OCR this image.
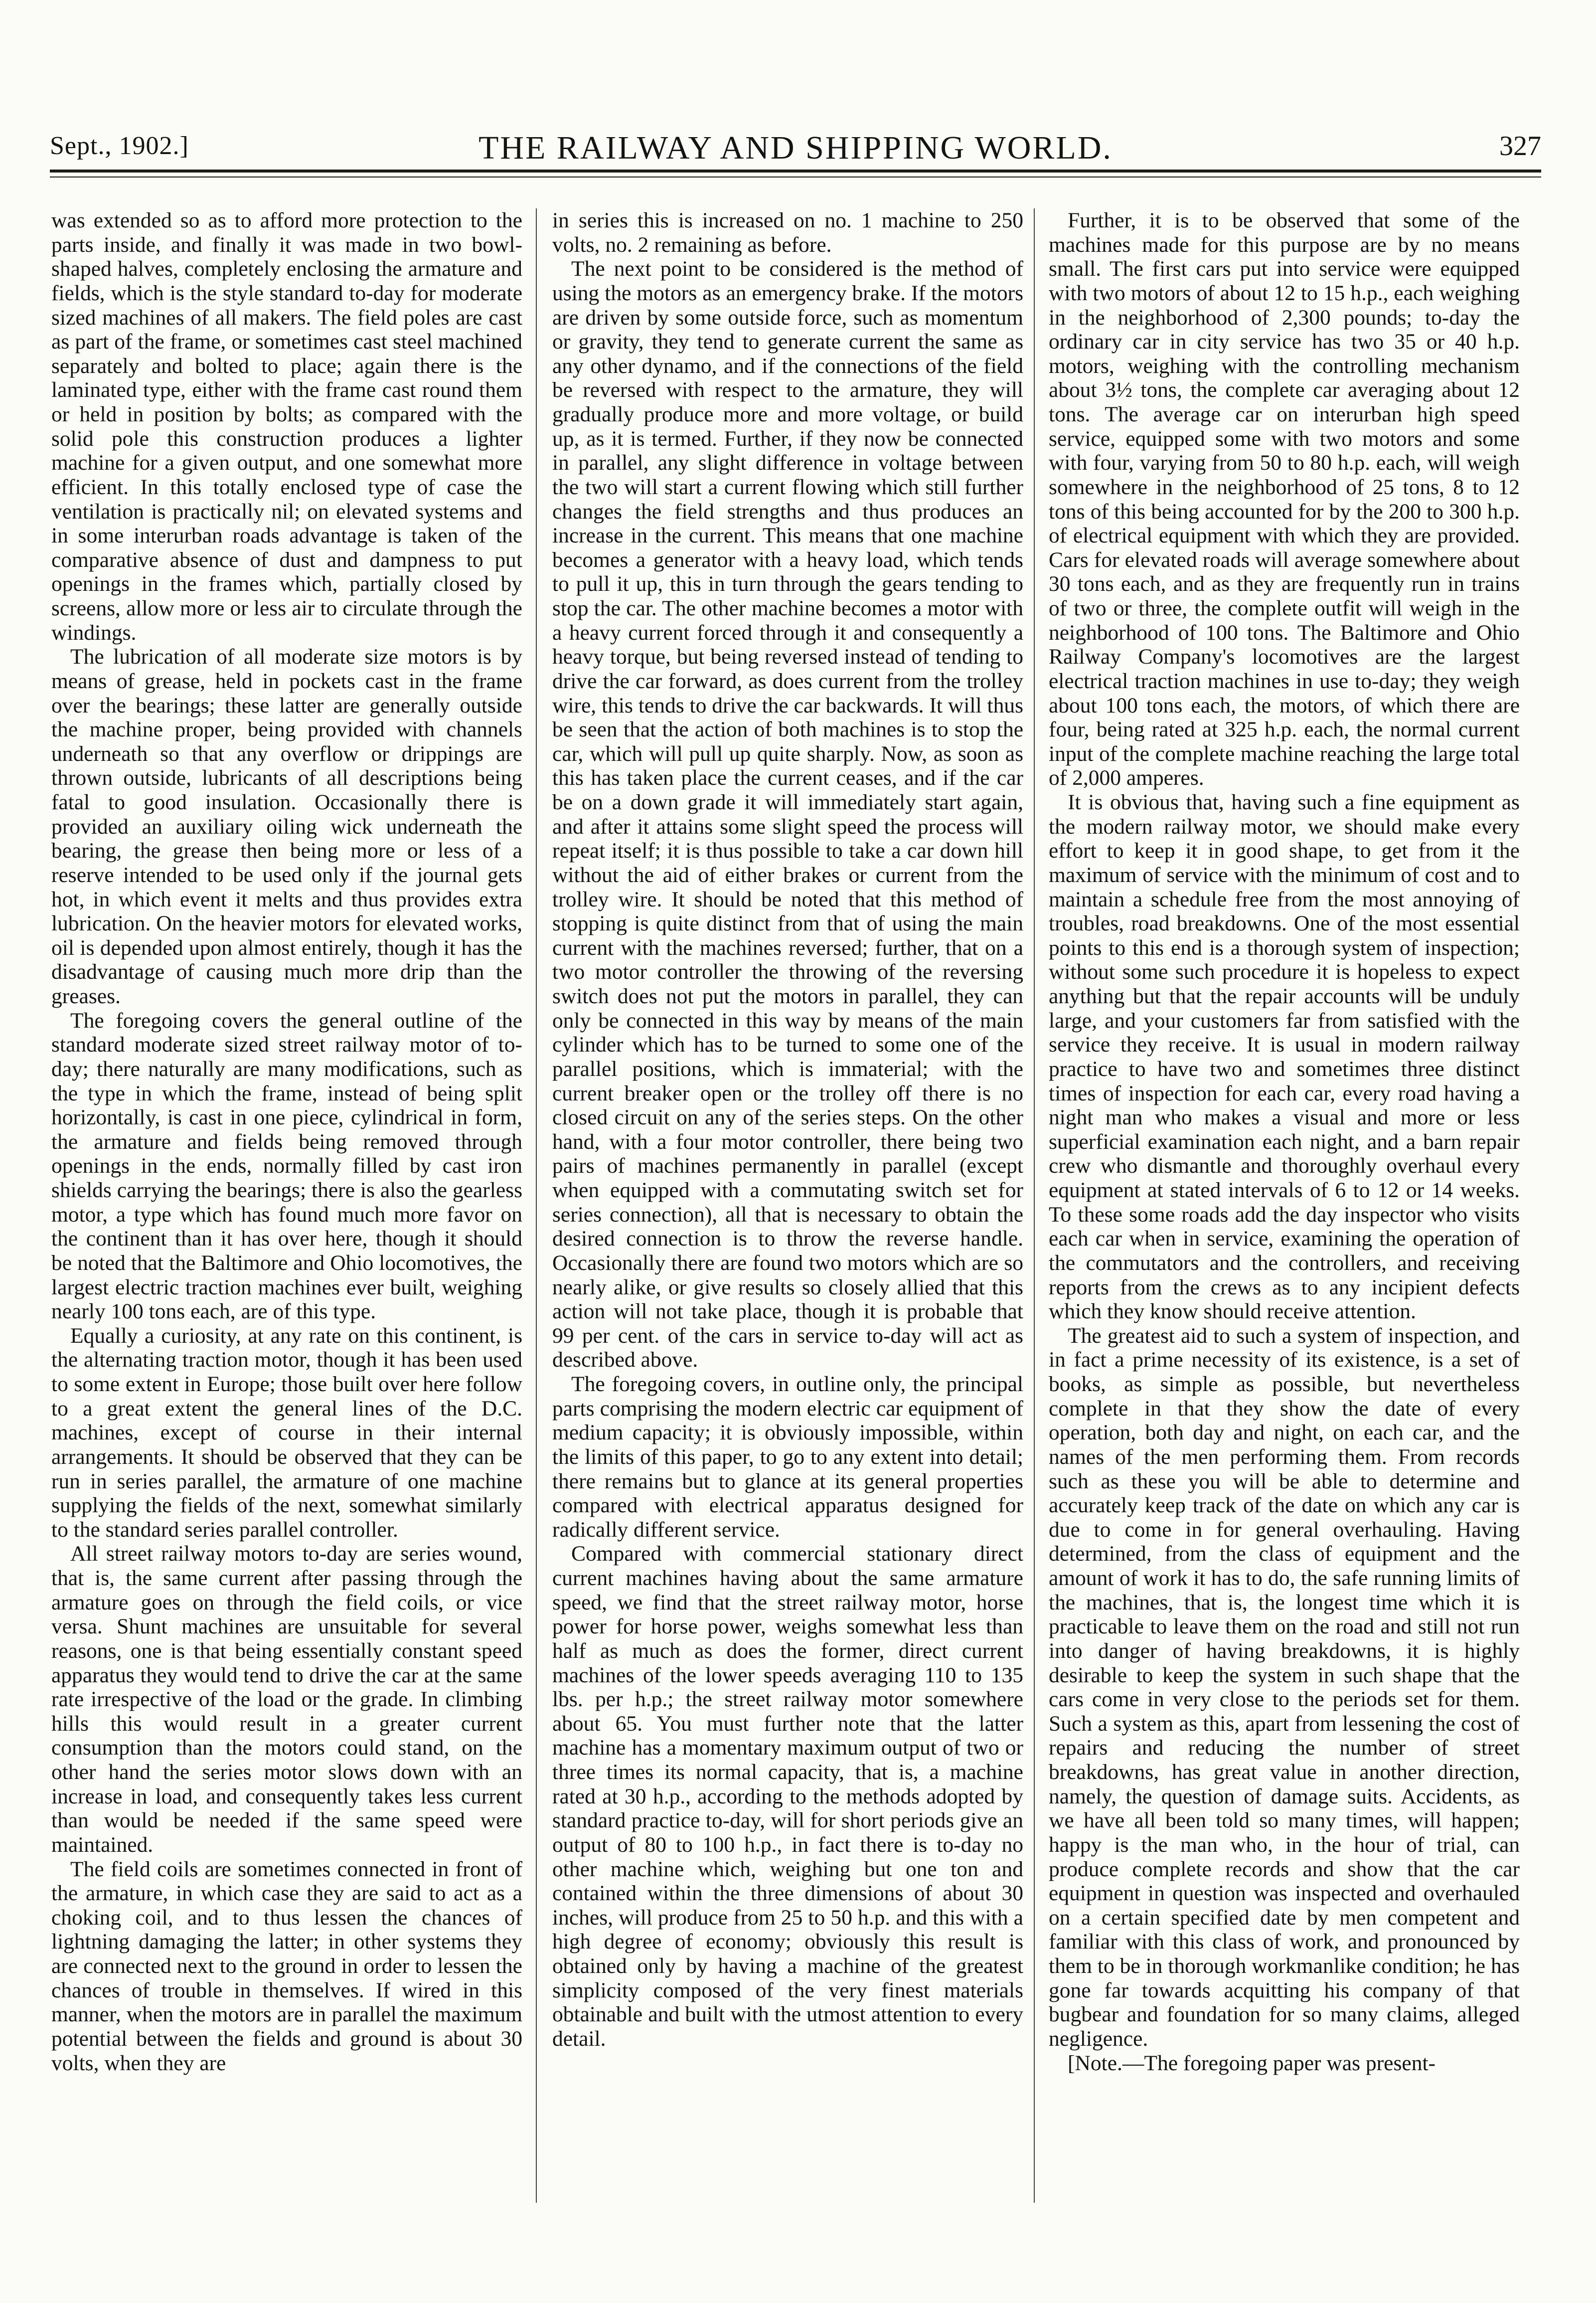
Sept., 1902.]	THE RAILWAY AND SHIPPING WORLD.	327

was extended so as to afford more protection to the parts inside, and finally it was made in two bowl-shaped halves, completely enclosing the armature and fields, which is the style standard to-day for moderate sized machines of all makers. The field poles are cast as part of the frame, or sometimes cast steel machined separately and bolted to place; again there is the laminated type, either with the frame cast round them or held in position by bolts; as compared with the solid pole this construction produces a lighter machine for a given output, and one somewhat more efficient. In this totally enclosed type of case the ventilation is practically nil; on elevated systems and in some interurban roads advantage is taken of the comparative absence of dust and dampness to put openings in the frames which, partially closed by screens, allow more or less air to circulate through the windings.

The lubrication of all moderate size motors is by means of grease, held in pockets cast in the frame over the bearings; these latter are generally outside the machine proper, being provided with channels underneath so that any overflow or drippings are thrown outside, lubricants of all descriptions being fatal to good insulation. Occasionally there is provided an auxiliary oiling wick underneath the bearing, the grease then being more or less of a reserve intended to be used only if the journal gets hot, in which event it melts and thus provides extra lubrication. On the heavier motors for elevated works, oil is depended upon almost entirely, though it has the disadvantage of causing much more drip than the greases.

The foregoing covers the general outline of the standard moderate sized street railway motor of to-day; there naturally are many modifications, such as the type in which the frame, instead of being split horizontally, is cast in one piece, cylindrical in form, the armature and fields being removed through openings in the ends, normally filled by cast iron shields carrying the bearings; there is also the gearless motor, a type which has found much more favor on the continent than it has over here, though it should be noted that the Baltimore and Ohio locomotives, the largest electric traction machines ever built, weighing nearly 100 tons each, are of this type.

Equally a curiosity, at any rate on this continent, is the alternating traction motor, though it has been used to some extent in Europe; those built over here follow to a great extent the general lines of the D.C. machines, except of course in their internal arrangements. It should be observed that they can be run in series parallel, the armature of one machine supplying the fields of the next, somewhat similarly to the standard series parallel controller.

All street railway motors to-day are series wound, that is, the same current after passing through the armature goes on through the field coils, or vice versa. Shunt machines are unsuitable for several reasons, one is that being essentially constant speed apparatus they would tend to drive the car at the same rate irrespective of the load or the grade. In climbing hills this would result in a greater current consumption than the motors could stand, on the other hand the series motor slows down with an increase in load, and consequently takes less current than would be needed if the same speed were maintained.

The field coils are sometimes connected in front of the armature, in which case they are said to act as a choking coil, and to thus lessen the chances of lightning damaging the latter; in other systems they are connected next to the ground in order to lessen the chances of trouble in themselves. If wired in this manner, when the motors are in parallel the maximum potential between the fields and ground is about 30 volts, when they are

in series this is increased on no. 1 machine to 250 volts, no. 2 remaining as before.

The next point to be considered is the method of using the motors as an emergency brake. If the motors are driven by some outside force, such as momentum or gravity, they tend to generate current the same as any other dynamo, and if the connections of the field be reversed with respect to the armature, they will gradually produce more and more voltage, or build up, as it is termed. Further, if they now be connected in parallel, any slight difference in voltage between the two will start a current flowing which still further changes the field strengths and thus produces an increase in the current. This means that one machine becomes a generator with a heavy load, which tends to pull it up, this in turn through the gears tending to stop the car. The other machine becomes a motor with a heavy current forced through it and consequently a heavy torque, but being reversed instead of tending to drive the car forward, as does current from the trolley wire, this tends to drive the car backwards. It will thus be seen that the action of both machines is to stop the car, which will pull up quite sharply. Now, as soon as this has taken place the current ceases, and if the car be on a down grade it will immediately start again, and after it attains some slight speed the process will repeat itself; it is thus possible to take a car down hill without the aid of either brakes or current from the trolley wire. It should be noted that this method of stopping is quite distinct from that of using the main current with the machines reversed; further, that on a two motor controller the throwing of the reversing switch does not put the motors in parallel, they can only be connected in this way by means of the main cylinder which has to be turned to some one of the parallel positions, which is immaterial; with the current breaker open or the trolley off there is no closed circuit on any of the series steps. On the other hand, with a four motor controller, there being two pairs of machines permanently in parallel (except when equipped with a commutating switch set for series connection), all that is necessary to obtain the desired connection is to throw the reverse handle. Occasionally there are found two motors which are so nearly alike, or give results so closely allied that this action will not take place, though it is probable that 99 per cent. of the cars in service to-day will act as described above.

The foregoing covers, in outline only, the principal parts comprising the modern electric car equipment of medium capacity; it is obviously impossible, within the limits of this paper, to go to any extent into detail; there remains but to glance at its general properties compared with electrical apparatus designed for radically different service.

Compared with commercial stationary direct current machines having about the same armature speed, we find that the street railway motor, horse power for horse power, weighs somewhat less than half as much as does the former, direct current machines of the lower speeds averaging 110 to 135 lbs. per h.p.; the street railway motor somewhere about 65. You must further note that the latter machine has a momentary maximum output of two or three times its normal capacity, that is, a machine rated at 30 h.p., according to the methods adopted by standard practice to-day, will for short periods give an output of 80 to 100 h.p., in fact there is to-day no other machine which, weighing but one ton and contained within the three dimensions of about 30 inches, will produce from 25 to 50 h.p. and this with a high degree of economy; obviously this result is obtained only by having a machine of the greatest simplicity composed of the very finest materials obtainable and built with the utmost attention to every detail.

Further, it is to be observed that some of the machines made for this purpose are by no means small. The first cars put into service were equipped with two motors of about 12 to 15 h.p., each weighing in the neighborhood of 2,300 pounds; to-day the ordinary car in city service has two 35 or 40 h.p. motors, weighing with the controlling mechanism about 3½ tons, the complete car averaging about 12 tons. The average car on interurban high speed service, equipped some with two motors and some with four, varying from 50 to 80 h.p. each, will weigh somewhere in the neighborhood of 25 tons, 8 to 12 tons of this being accounted for by the 200 to 300 h.p. of electrical equipment with which they are provided. Cars for elevated roads will average somewhere about 30 tons each, and as they are frequently run in trains of two or three, the complete outfit will weigh in the neighborhood of 100 tons. The Baltimore and Ohio Railway Company's locomotives are the largest electrical traction machines in use to-day; they weigh about 100 tons each, the motors, of which there are four, being rated at 325 h.p. each, the normal current input of the complete machine reaching the large total of 2,000 amperes.

It is obvious that, having such a fine equipment as the modern railway motor, we should make every effort to keep it in good shape, to get from it the maximum of service with the minimum of cost and to maintain a schedule free from the most annoying of troubles, road breakdowns. One of the most essential points to this end is a thorough system of inspection; without some such procedure it is hopeless to expect anything but that the repair accounts will be unduly large, and your customers far from satisfied with the service they receive. It is usual in modern railway practice to have two and sometimes three distinct times of inspection for each car, every road having a night man who makes a visual and more or less superficial examination each night, and a barn repair crew who dismantle and thoroughly overhaul every equipment at stated intervals of 6 to 12 or 14 weeks. To these some roads add the day inspector who visits each car when in service, examining the operation of the commutators and the controllers, and receiving reports from the crews as to any incipient defects which they know should receive attention.

The greatest aid to such a system of inspection, and in fact a prime necessity of its existence, is a set of books, as simple as possible, but nevertheless complete in that they show the date of every operation, both day and night, on each car, and the names of the men performing them. From records such as these you will be able to determine and accurately keep track of the date on which any car is due to come in for general overhauling. Having determined, from the class of equipment and the amount of work it has to do, the safe running limits of the machines, that is, the longest time which it is practicable to leave them on the road and still not run into danger of having breakdowns, it is highly desirable to keep the system in such shape that the cars come in very close to the periods set for them. Such a system as this, apart from lessening the cost of repairs and reducing the number of street breakdowns, has great value in another direction, namely, the question of damage suits. Accidents, as we have all been told so many times, will happen; happy is the man who, in the hour of trial, can produce complete records and show that the car equipment in question was inspected and overhauled on a certain specified date by men competent and familiar with this class of work, and pronounced by them to be in thorough workmanlike condition; he has gone far towards acquitting his company of that bugbear and foundation for so many claims, alleged negligence.

[Note.—The foregoing paper was present-
